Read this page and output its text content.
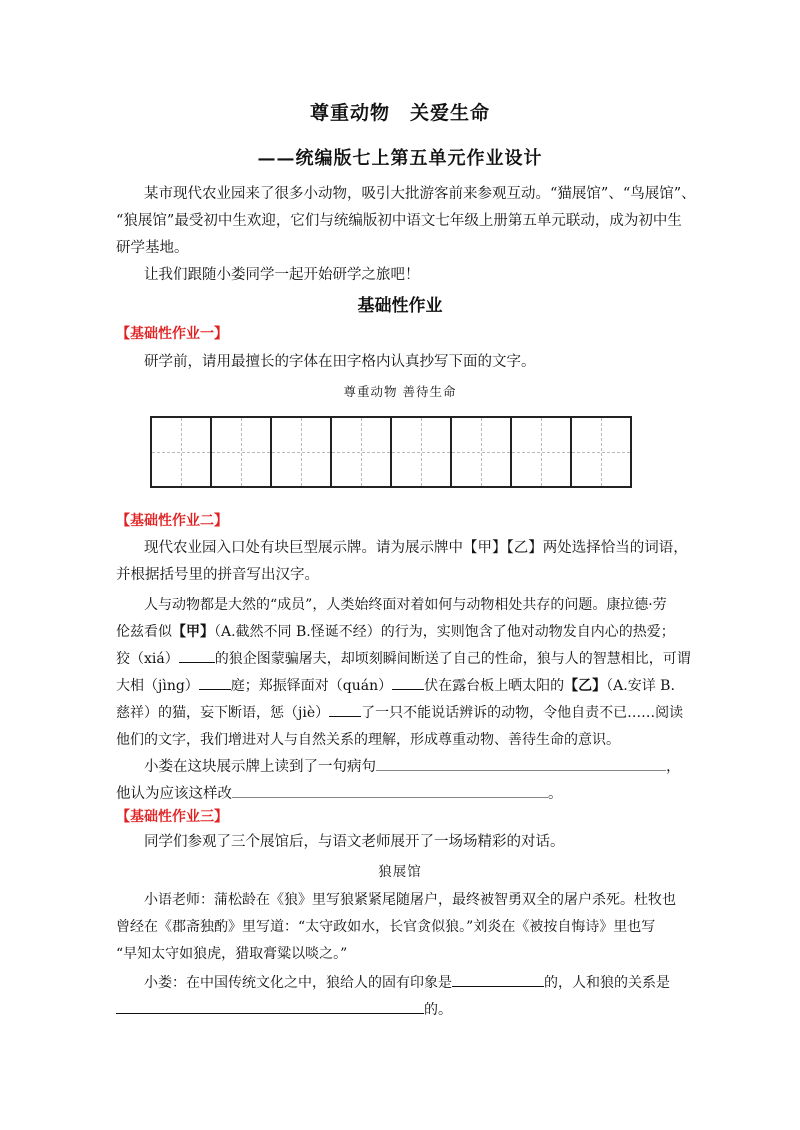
尊重动物　关爱生命
——统编版七上第五单元作业设计
某市现代农业园来了很多小动物，吸引大批游客前来参观互动。“猫展馆”、“鸟展馆”、
“狼展馆”最受初中生欢迎，它们与统编版初中语文七年级上册第五单元联动，成为初中生
研学基地。
让我们跟随小娄同学一起开始研学之旅吧！
基础性作业
【基础性作业一】
研学前，请用最擅长的字体在田字格内认真抄写下面的文字。
尊重动物 善待生命
【基础性作业二】
现代农业园入口处有块巨型展示牌。请为展示牌中【甲】【乙】两处选择恰当的词语，
并根据括号里的拼音写出汉字。
人与动物都是大然的“成员”，人类始终面对着如何与动物相处共存的问题。康拉德·劳
伦兹看似【甲】（A.截然不同 B.怪诞不经）的行为，实则饱含了他对动物发自内心的热爱；
狡（xiá）	的狼企图蒙骗屠夫，却顷刻瞬间断送了自己的性命，狼与人的智慧相比，可谓
大相（jìng） 庭；郑振铎面对（quán） 伏在露台板上晒太阳的【乙】（A.安详 B.
慈祥）的猫，妄下断语，惩（jiè） 了一只不能说话辨诉的动物，令他自责不已……阅读
他们的文字，我们增进对人与自然关系的理解，形成尊重动物、善待生命的意识。
小娄在这块展示牌上读到了一句病句	，
他认为应该这样改	。
【基础性作业三】
同学们参观了三个展馆后，与语文老师展开了一场场精彩的对话。
狼展馆
小语老师：蒲松龄在《狼》里写狼紧紧尾随屠户，最终被智勇双全的屠户杀死。杜牧也
曾经在《郡斋独酌》里写道：“太守政如水，长官贪似狼。”刘炎在《被按自悔诗》里也写
“早知太守如狼虎，猎取膏粱以啖之。”
小娄：在中国传统文化之中，狼给人的固有印象是	的，人和狼的关系是
的。
